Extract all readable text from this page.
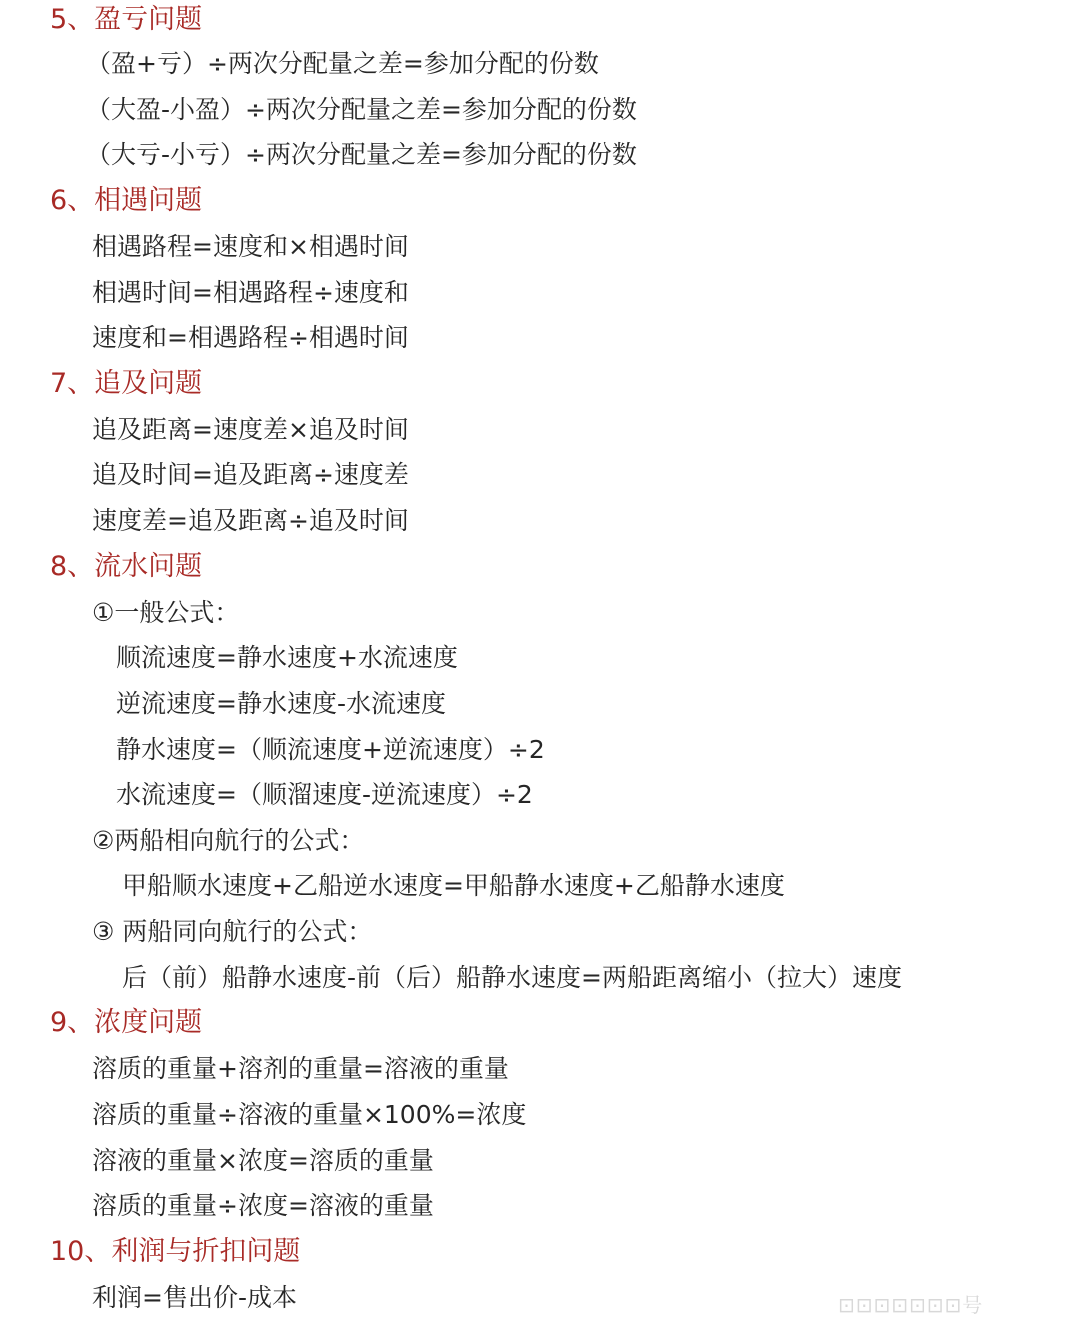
5、盈亏问题
（盈+亏）÷两次分配量之差=参加分配的份数
（大盈-小盈）÷两次分配量之差=参加分配的份数
（大亏-小亏）÷两次分配量之差=参加分配的份数
6、相遇问题
相遇路程=速度和×相遇时间
相遇时间=相遇路程÷速度和
速度和=相遇路程÷相遇时间
7、追及问题
追及距离=速度差×追及时间
追及时间=追及距离÷速度差
速度差=追及距离÷追及时间
8、流水问题
①一般公式：
顺流速度=静水速度+水流速度
逆流速度=静水速度-水流速度
静水速度=（顺流速度+逆流速度）÷2
水流速度=（顺溜速度-逆流速度）÷2
②两船相向航行的公式：
甲船顺水速度+乙船逆水速度=甲船静水速度+乙船静水速度
③ 两船同向航行的公式：
后（前）船静水速度-前（后）船静水速度=两船距离缩小（拉大）速度
9、浓度问题
溶质的重量+溶剂的重量=溶液的重量
溶质的重量÷溶液的重量×100%=浓度
溶液的重量×浓度=溶质的重量
溶质的重量÷浓度=溶液的重量
10、利润与折扣问题
利润=售出价-成本	⊡⊡⊡⊡⊡⊡⊡号
